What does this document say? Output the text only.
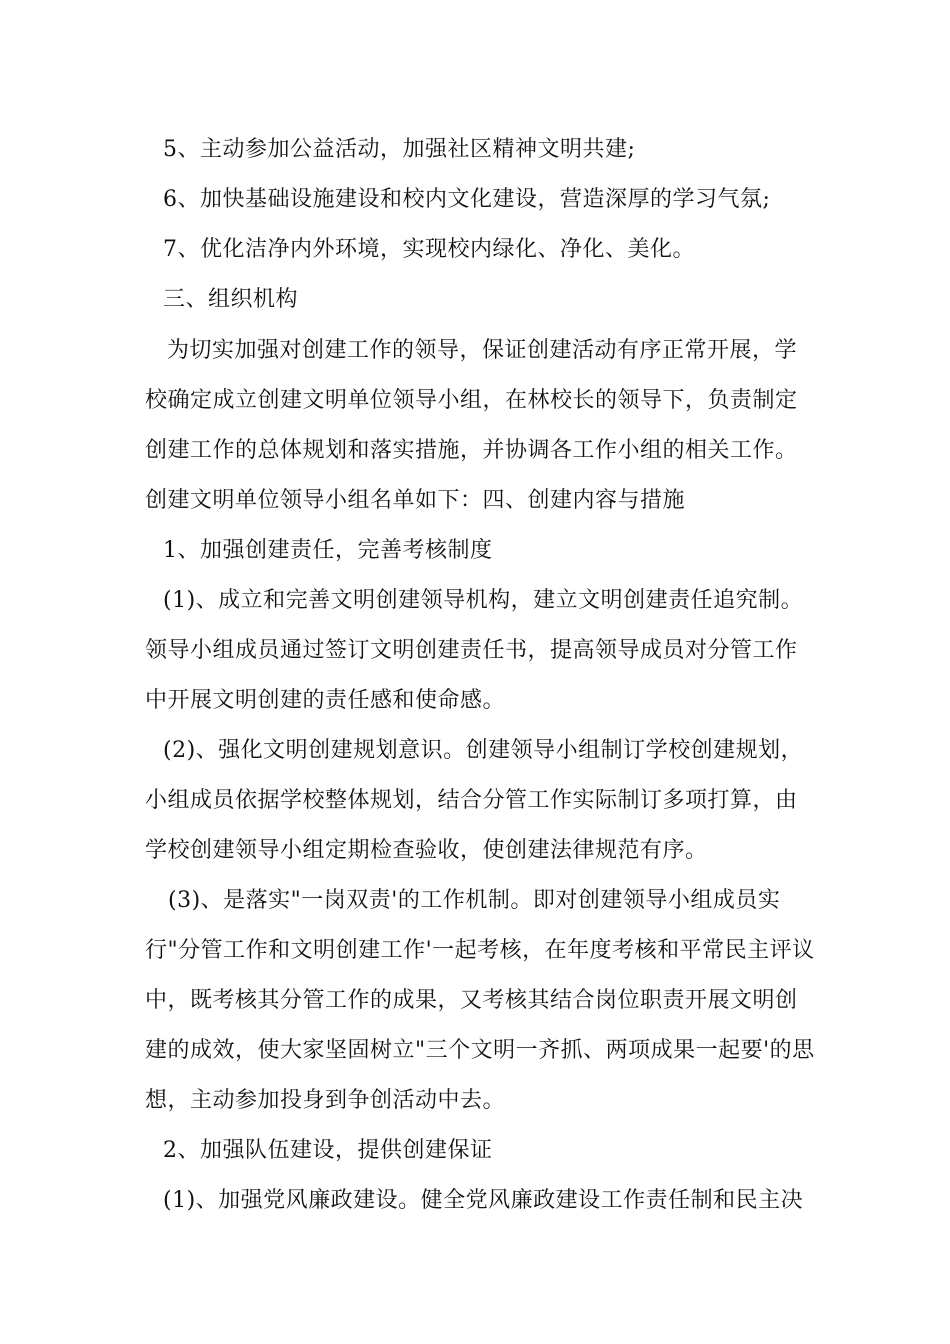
5、主动参加公益活动，加强社区精神文明共建;
6、加快基础设施建设和校内文化建设，营造深厚的学习气氛;
7、优化洁净内外环境，实现校内绿化、净化、美化。
三、组织机构
为切实加强对创建工作的领导，保证创建活动有序正常开展，学
校确定成立创建文明单位领导小组，在林校长的领导下，负责制定
创建工作的总体规划和落实措施，并协调各工作小组的相关工作。
创建文明单位领导小组名单如下：四、创建内容与措施
1、加强创建责任，完善考核制度
(1)、成立和完善文明创建领导机构，建立文明创建责任追究制。
领导小组成员通过签订文明创建责任书，提高领导成员对分管工作
中开展文明创建的责任感和使命感。
(2)、强化文明创建规划意识。创建领导小组制订学校创建规划，
小组成员依据学校整体规划，结合分管工作实际制订多项打算，由
学校创建领导小组定期检查验收，使创建法律规范有序。
(3)、是落实"一岗双责'的工作机制。即对创建领导小组成员实
行"分管工作和文明创建工作'一起考核，在年度考核和平常民主评议
中，既考核其分管工作的成果，又考核其结合岗位职责开展文明创
建的成效，使大家坚固树立"三个文明一齐抓、两项成果一起要'的思
想，主动参加投身到争创活动中去。
2、加强队伍建设，提供创建保证
(1)、加强党风廉政建设。健全党风廉政建设工作责任制和民主决
